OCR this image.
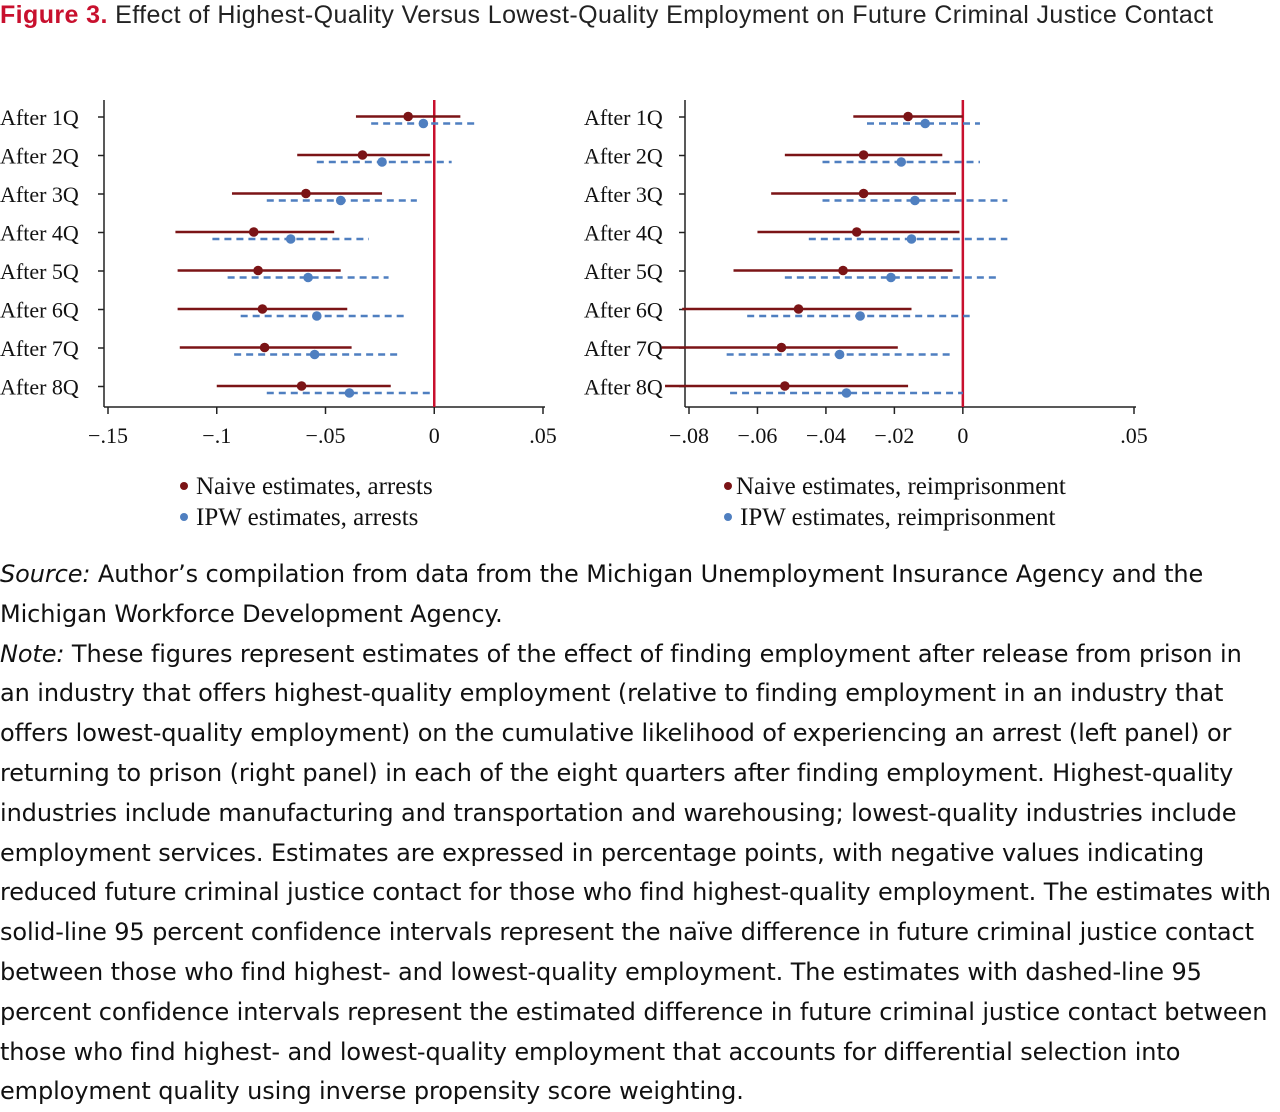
Figure 3. Effect of Highest-Quality Versus Lowest-Quality Employment on Future Criminal Justice Contact
After 1Q
After 2Q
After 3Q
After 4Q
After 5Q
After 6Q
After 7Q
After 8Q
−.15	−.1	−.05	0	.05
After 1Q
After 2Q
After 3Q
After 4Q
After 5Q
After 6Q
After 7Q
After 8Q
−.08 −.06 −.04 −.02 0	.05
Naive estimates, arrests
IPW estimates, arrests
Naive estimates, reimprisonment
IPW estimates, reimprisonment

Source: Author’s compilation from data from the Michigan Unemployment Insurance Agency and the Michigan Workforce Development Agency.

Note: These figures represent estimates of the effect of finding employment after release from prison in an industry that offers highest-quality employment (relative to finding employment in an industry that offers lowest-quality employment) on the cumulative likelihood of experiencing an arrest (left panel) or returning to prison (right panel) in each of the eight quarters after finding employment. Highest-quality industries include manufacturing and transportation and warehousing; lowest-quality industries include employment services. Estimates are expressed in percentage points, with negative values indicating reduced future criminal justice contact for those who find highest-quality employment. The estimates with solid-line 95 percent confidence intervals represent the naïve difference in future criminal justice contact between those who find highest- and lowest-quality employment. The estimates with dashed-line 95 percent confidence intervals represent the estimated difference in future criminal justice contact between those who find highest- and lowest-quality employment that accounts for differential selection into employment quality using inverse propensity score weighting.
